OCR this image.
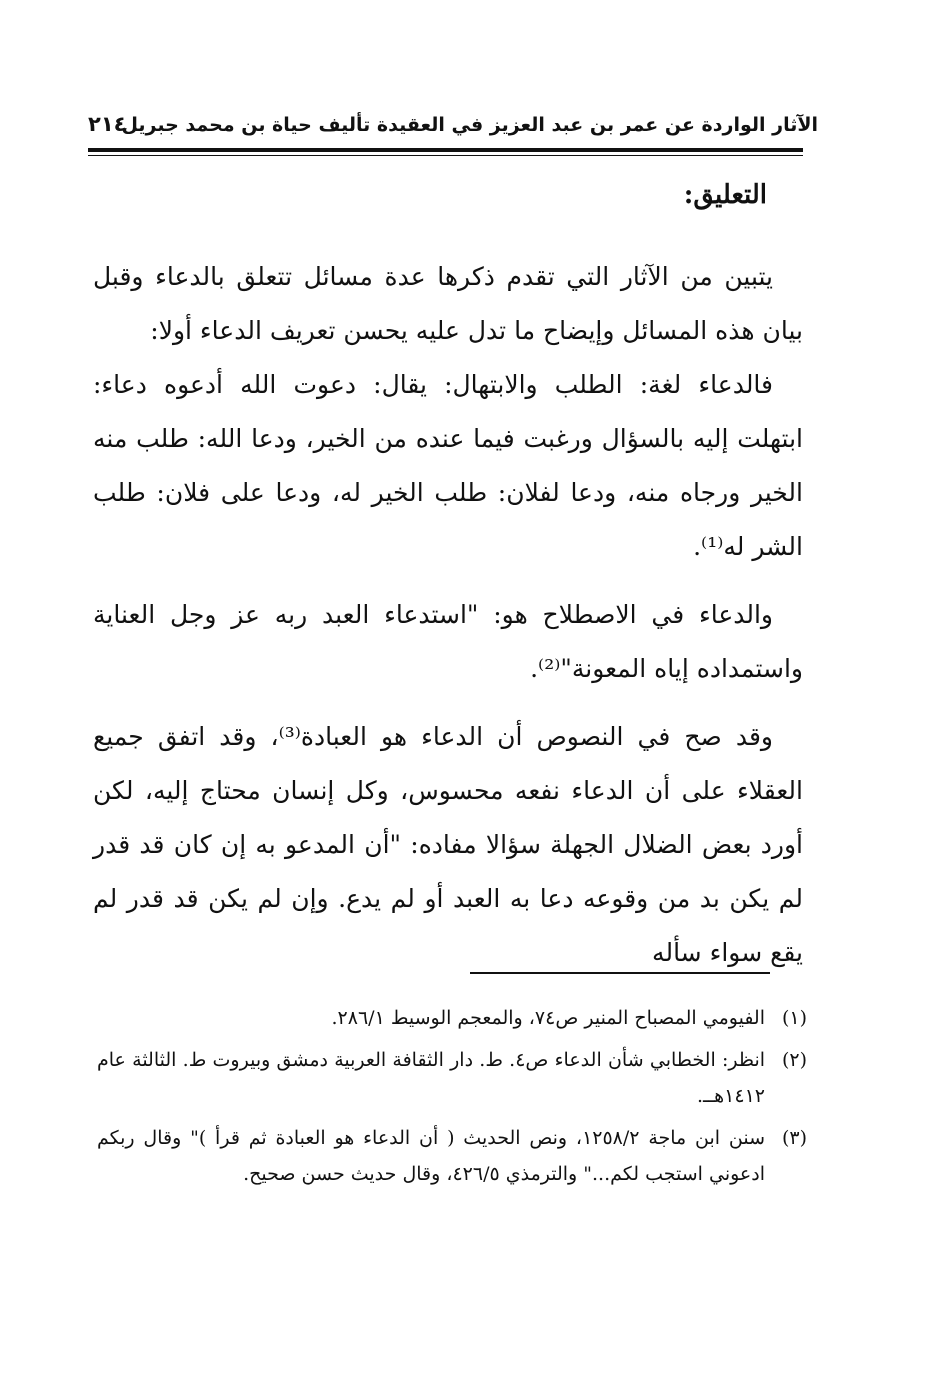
الآثار الواردة عن عمر بن عبد العزيز في العقيدة تأليف حياة بن محمد جبريل
٢١٤
التعليق:

يتبين من الآثار التي تقدم ذكرها عدة مسائل تتعلق بالدعاء وقبل بيان هذه المسائل وإيضاح ما تدل عليه يحسن تعريف الدعاء أولا:

فالدعاء لغة: الطلب والابتهال: يقال: دعوت الله أدعوه دعاء: ابتهلت إليه بالسؤال ورغبت فيما عنده من الخير، ودعا الله: طلب منه الخير ورجاه منه، ودعا لفلان: طلب الخير له، ودعا على فلان: طلب الشر له⁽¹⁾.

والدعاء في الاصطلاح هو: "استدعاء العبد ربه عز وجل العناية واستمداده إياه المعونة"⁽²⁾.

وقد صح في النصوص أن الدعاء هو العبادة⁽³⁾، وقد اتفق جميع العقلاء على أن الدعاء نفعه محسوس، وكل إنسان محتاج إليه، لكن أورد بعض الضلال الجهلة سؤالا مفاده: "أن المدعو به إن كان قد قدر لم يكن بد من وقوعه دعا به العبد أو لم يدع. وإن لم يكن قد قدر لم يقع سواء سأله

(١)
الفيومي المصباح المنير ص٧٤، والمعجم الوسيط ٢٨٦/١.
(٢)
انظر: الخطابي شأن الدعاء ص٤. ط. دار الثقافة العربية دمشق وبيروت ط. الثالثة عام ١٤١٢هــ.
(٣)
سنن ابن ماجة ١٢٥٨/٢، ونص الحديث ( أن الدعاء هو العبادة ثم قرأ )" وقال ربكم ادعوني استجب لكم..." والترمذي ٤٢٦/٥، وقال حديث حسن صحيح.
